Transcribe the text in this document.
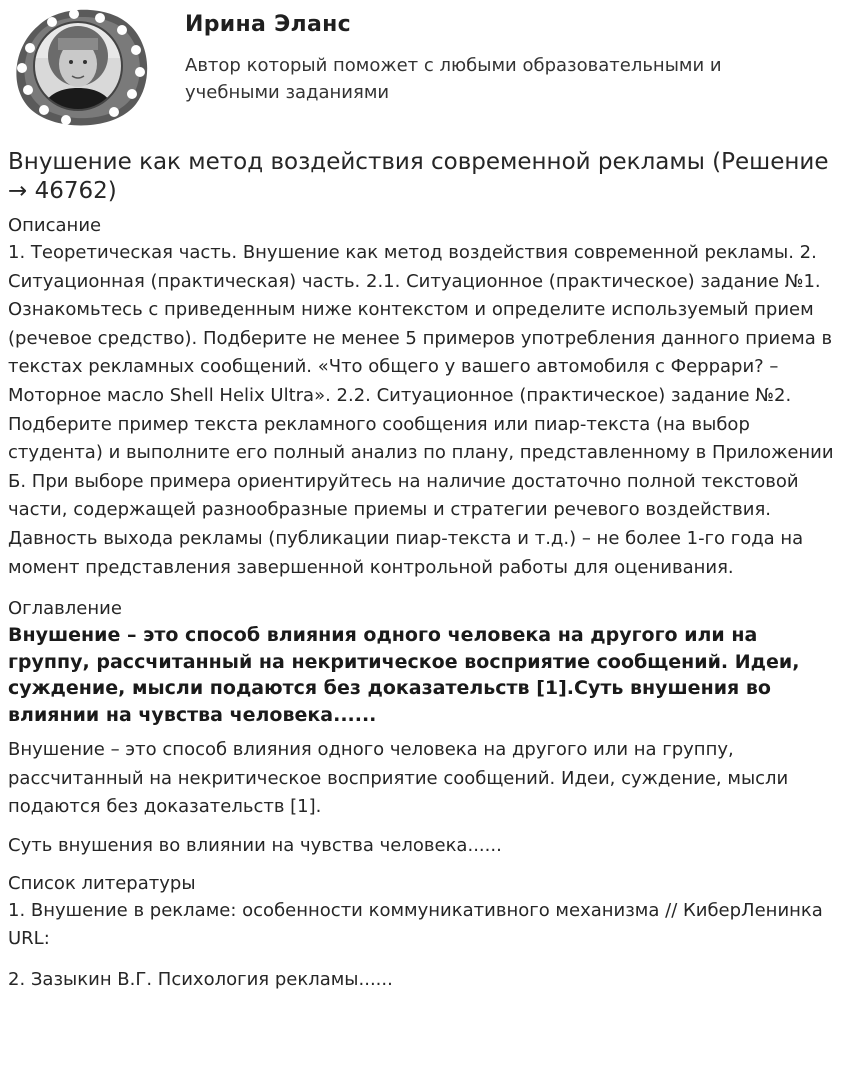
Ирина Эланс
Автор который поможет с любыми образовательными и учебными заданиями
Внушение как метод воздействия современной рекламы (Решение → 46762)
Описание

1. Теоретическая часть. Внушение как метод воздействия современной рекламы. 2. Ситуационная (практическая) часть. 2.1. Ситуационное (практическое) задание №1. Ознакомьтесь с приведенным ниже контекстом и определите используемый прием (речевое средство). Подберите не менее 5 примеров употребления данного приема в текстах рекламных сообщений. «Что общего у вашего автомобиля с Феррари? – Моторное масло Shell Helix Ultra». 2.2. Ситуационное (практическое) задание №2. Подберите пример текста рекламного сообщения или пиар-текста (на выбор студента) и выполните его полный анализ по плану, представленному в Приложении Б. При выборе примера ориентируйтесь на наличие достаточно полной текстовой части, содержащей разнообразные приемы и стратегии речевого воздействия. Давность выхода рекламы (публикации пиар-текста и т.д.) – не более 1-го года на момент представления завершенной контрольной работы для оценивания.

Оглавление

Внушение – это способ влияния одного человека на другого или на группу, рассчитанный на некритическое восприятие сообщений. Идеи, суждение, мысли подаются без доказательств [1].Суть внушения во влиянии на чувства человека......

Внушение – это способ влияния одного человека на другого или на группу, рассчитанный на некритическое восприятие сообщений. Идеи, суждение, мысли подаются без доказательств [1].

Суть внушения во влиянии на чувства человека......

Список литературы

1. Внушение в рекламе: особенности коммуникативного механизма // КиберЛенинка URL:

2. Зазыкин В.Г. Психология рекламы......
